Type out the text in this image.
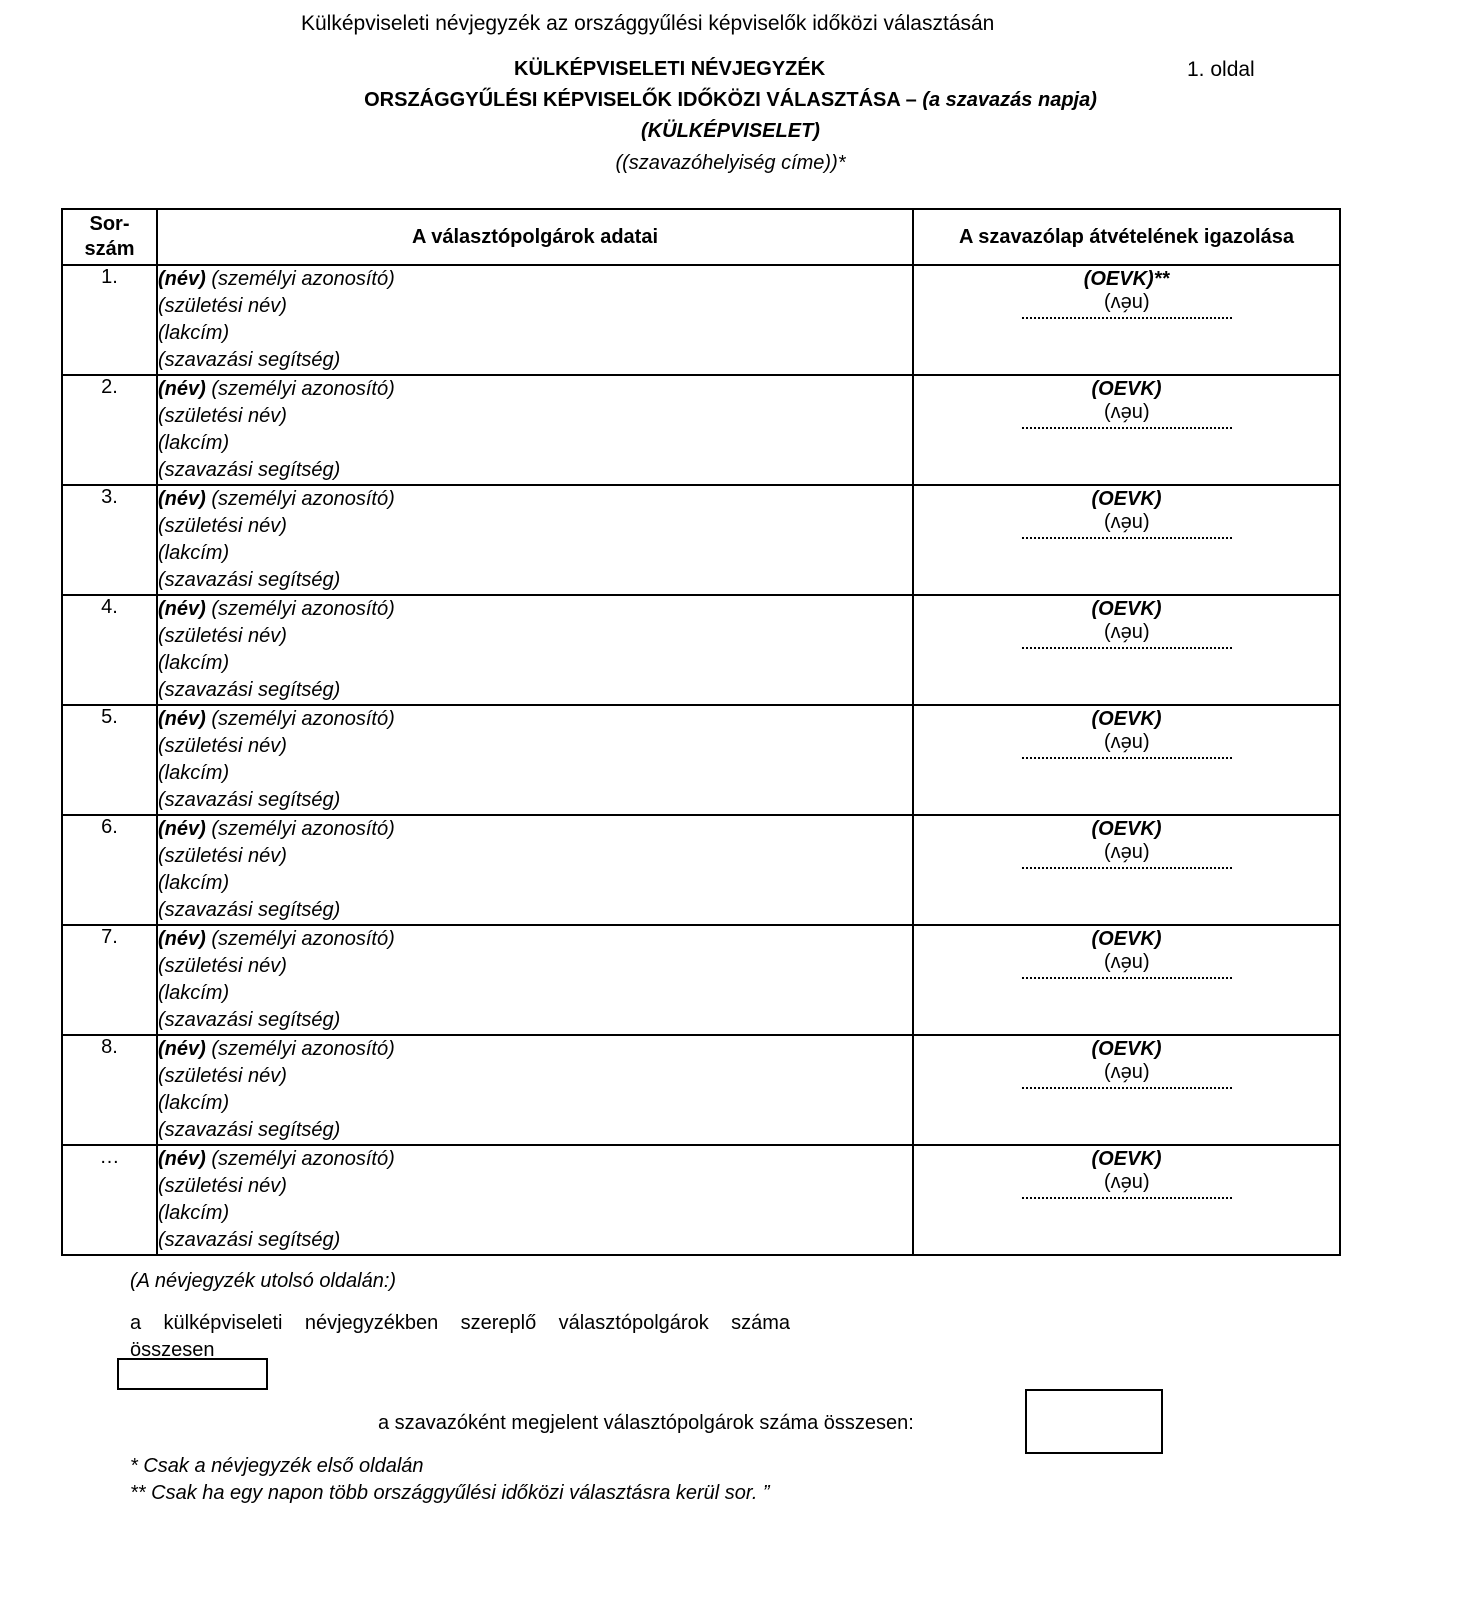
Külképviseleti névjegyzék az országgyűlési képviselők időközi választásán
KÜLKÉPVISELETI NÉVJEGYZÉK	1. oldal
ORSZÁGGYŰLÉSI KÉPVISELŐK IDŐKÖZI VÁLASZTÁSA – (a szavazás napja)
(KÜLKÉPVISELET)
((szavazóhelyiség címe))*
Sor-
szám	A választópolgárok adatai	A szavazólap átvételének igazolása
1.	(név) (személyi azonosító)
(születési név)
(lakcím)
(szavazási segítség)	(OEVK)**
(név)

2.	(név) (személyi azonosító)
(születési név)
(lakcím)
(szavazási segítség)	(OEVK)
(név)

3.	(név) (személyi azonosító)
(születési név)
(lakcím)
(szavazási segítség)	(OEVK)
(név)

4.	(név) (személyi azonosító)
(születési név)
(lakcím)
(szavazási segítség)	(OEVK)
(név)

5.	(név) (személyi azonosító)
(születési név)
(lakcím)
(szavazási segítség)	(OEVK)
(név)

6.	(név) (személyi azonosító)
(születési név)
(lakcím)
(szavazási segítség)	(OEVK)
(név)

7.	(név) (személyi azonosító)
(születési név)
(lakcím)
(szavazási segítség)	(OEVK)
(név)

8.	(név) (személyi azonosító)
(születési név)
(lakcím)
(szavazási segítség)	(OEVK)
(név)

…	(név) (személyi azonosító)
(születési név)
(lakcím)
(szavazási segítség)	(OEVK)
(név)
(A névjegyzék utolsó oldalán:)
a külképviseleti névjegyzékben szereplő választópolgárok száma összesen
a szavazóként megjelent választópolgárok száma összesen:
* Csak a névjegyzék első oldalán
** Csak ha egy napon több országgyűlési időközi választásra kerül sor. ”
